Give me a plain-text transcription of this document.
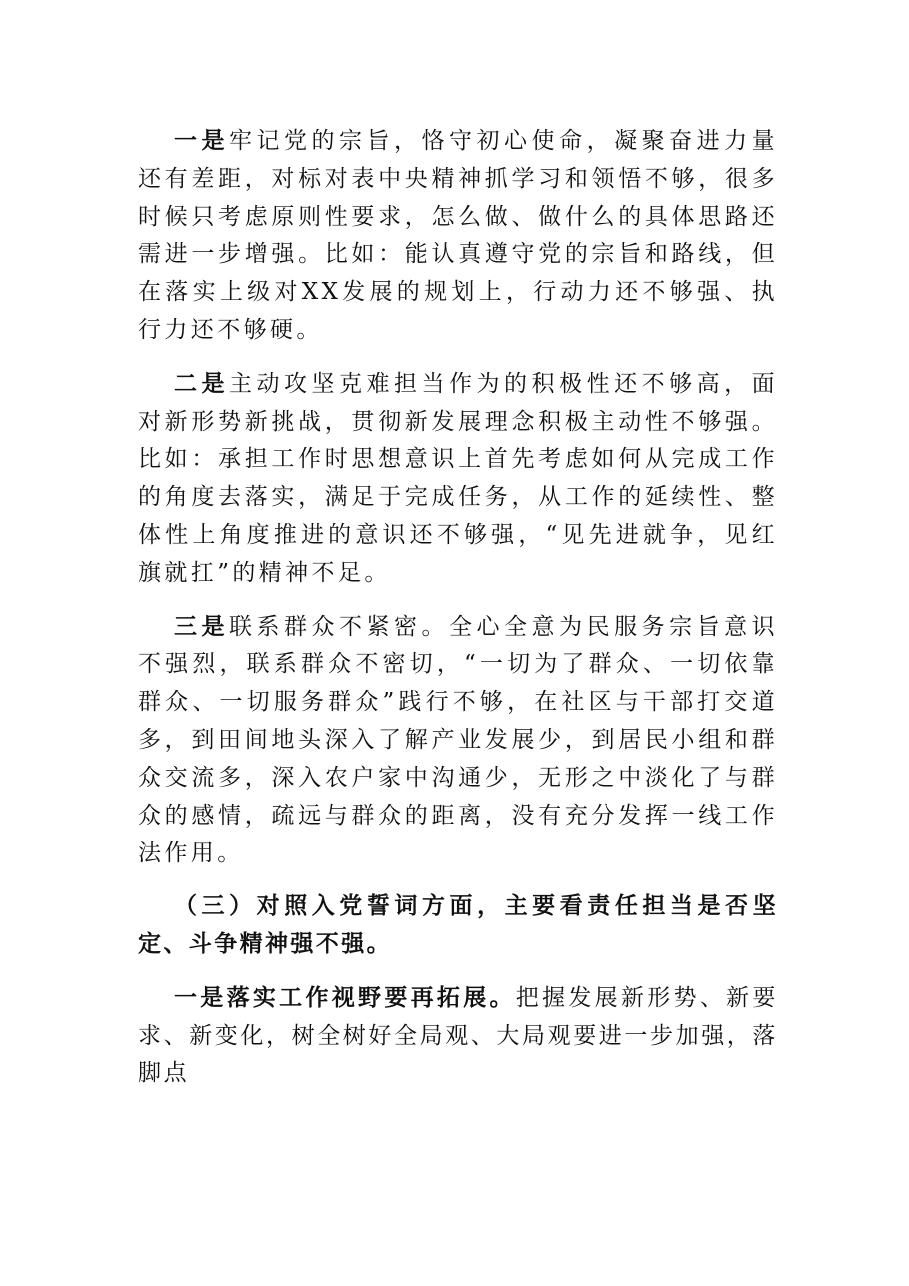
一是牢记党的宗旨，恪守初心使命，凝聚奋进力量还有差距，对标对表中央精神抓学习和领悟不够，很多时候只考虑原则性要求，怎么做、做什么的具体思路还需进一步增强。比如：能认真遵守党的宗旨和路线，但在落实上级对XX发展的规划上，行动力还不够强、执行力还不够硬。

二是主动攻坚克难担当作为的积极性还不够高，面对新形势新挑战，贯彻新发展理念积极主动性不够强。比如：承担工作时思想意识上首先考虑如何从完成工作的角度去落实，满足于完成任务，从工作的延续性、整体性上角度推进的意识还不够强，“见先进就争，见红旗就扛”的精神不足。

三是联系群众不紧密。全心全意为民服务宗旨意识不强烈，联系群众不密切，“一切为了群众、一切依靠群众、一切服务群众”践行不够，在社区与干部打交道多，到田间地头深入了解产业发展少，到居民小组和群众交流多，深入农户家中沟通少，无形之中淡化了与群众的感情，疏远与群众的距离，没有充分发挥一线工作法作用。

（三）对照入党誓词方面，主要看责任担当是否坚定、斗争精神强不强。

一是落实工作视野要再拓展。把握发展新形势、新要求、新变化，树全树好全局观、大局观要进一步加强，落脚点
